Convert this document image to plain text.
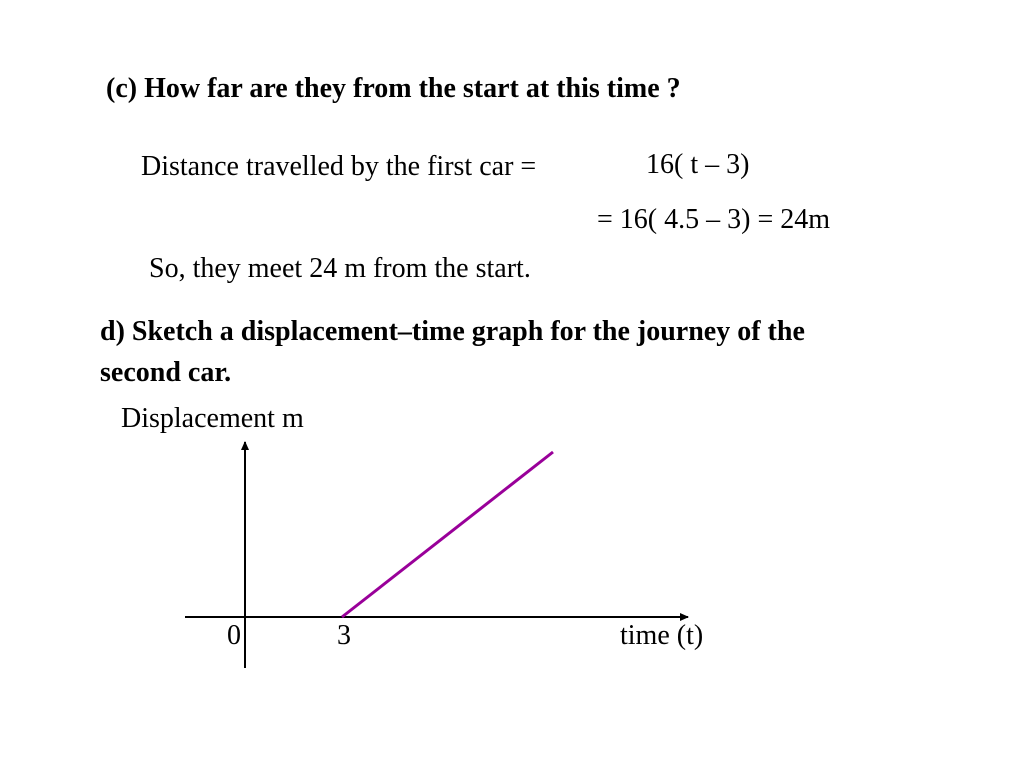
(c) How far are they from the start at this time ?
Distance travelled by the first car =	16( t – 3)
= 16( 4.5 – 3) = 24m
So, they meet 24 m from the start.
d) Sketch a displacement–time graph for the journey of the
second car.
Displacement m
0	3	time (t)
